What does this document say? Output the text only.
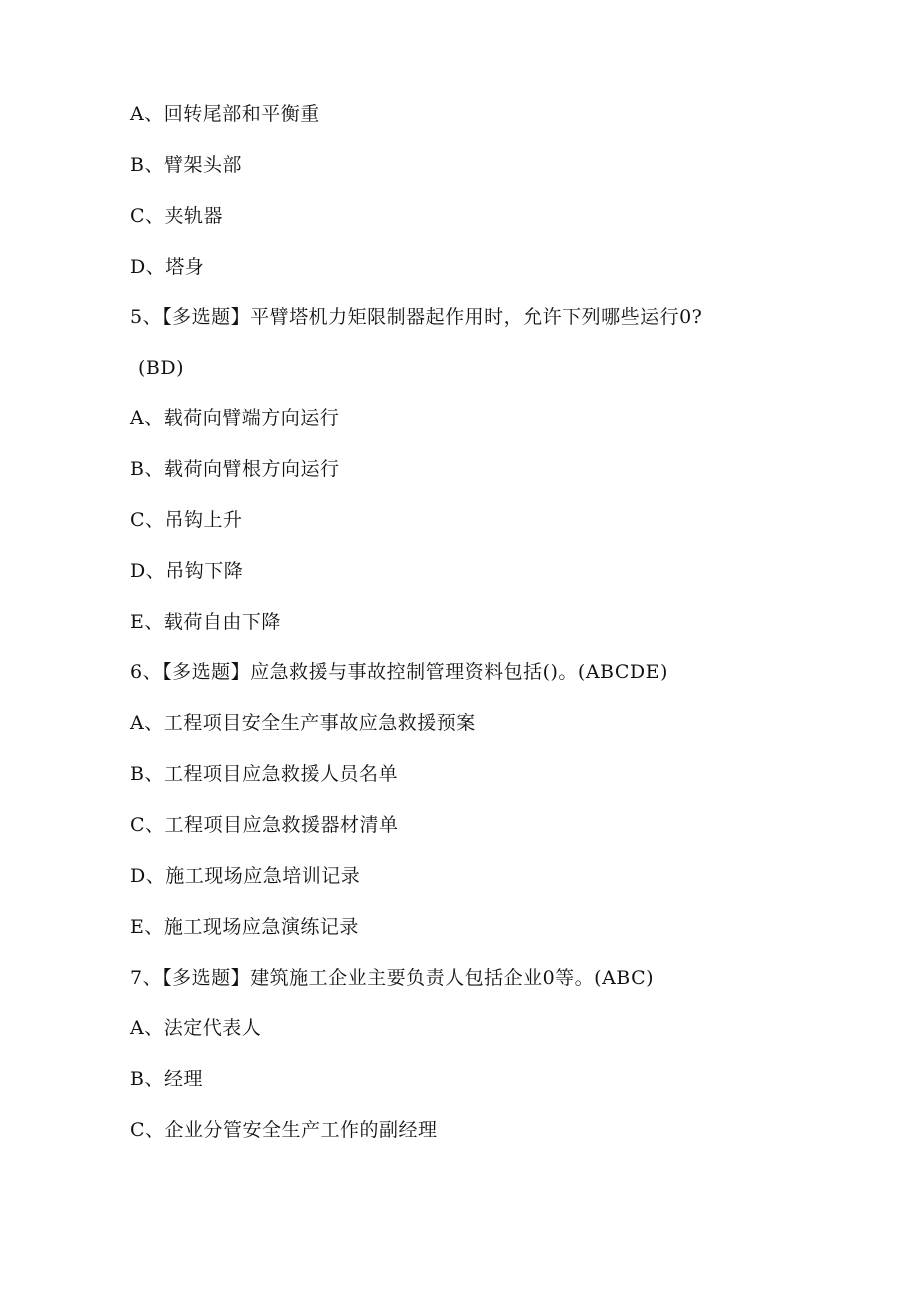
A、回转尾部和平衡重
B、臂架头部
C、夹轨器
D、塔身
5、【多选题】平臂塔机力矩限制器起作用时，允许下列哪些运行0?
(BD)
A、载荷向臂端方向运行
B、载荷向臂根方向运行
C、吊钩上升
D、吊钩下降
E、载荷自由下降
6、【多选题】应急救援与事故控制管理资料包括()。(ABCDE)
A、工程项目安全生产事故应急救援预案
B、工程项目应急救援人员名单
C、工程项目应急救援器材清单
D、施工现场应急培训记录
E、施工现场应急演练记录
7、【多选题】建筑施工企业主要负责人包括企业0等。(ABC)
A、法定代表人
B、经理
C、企业分管安全生产工作的副经理
